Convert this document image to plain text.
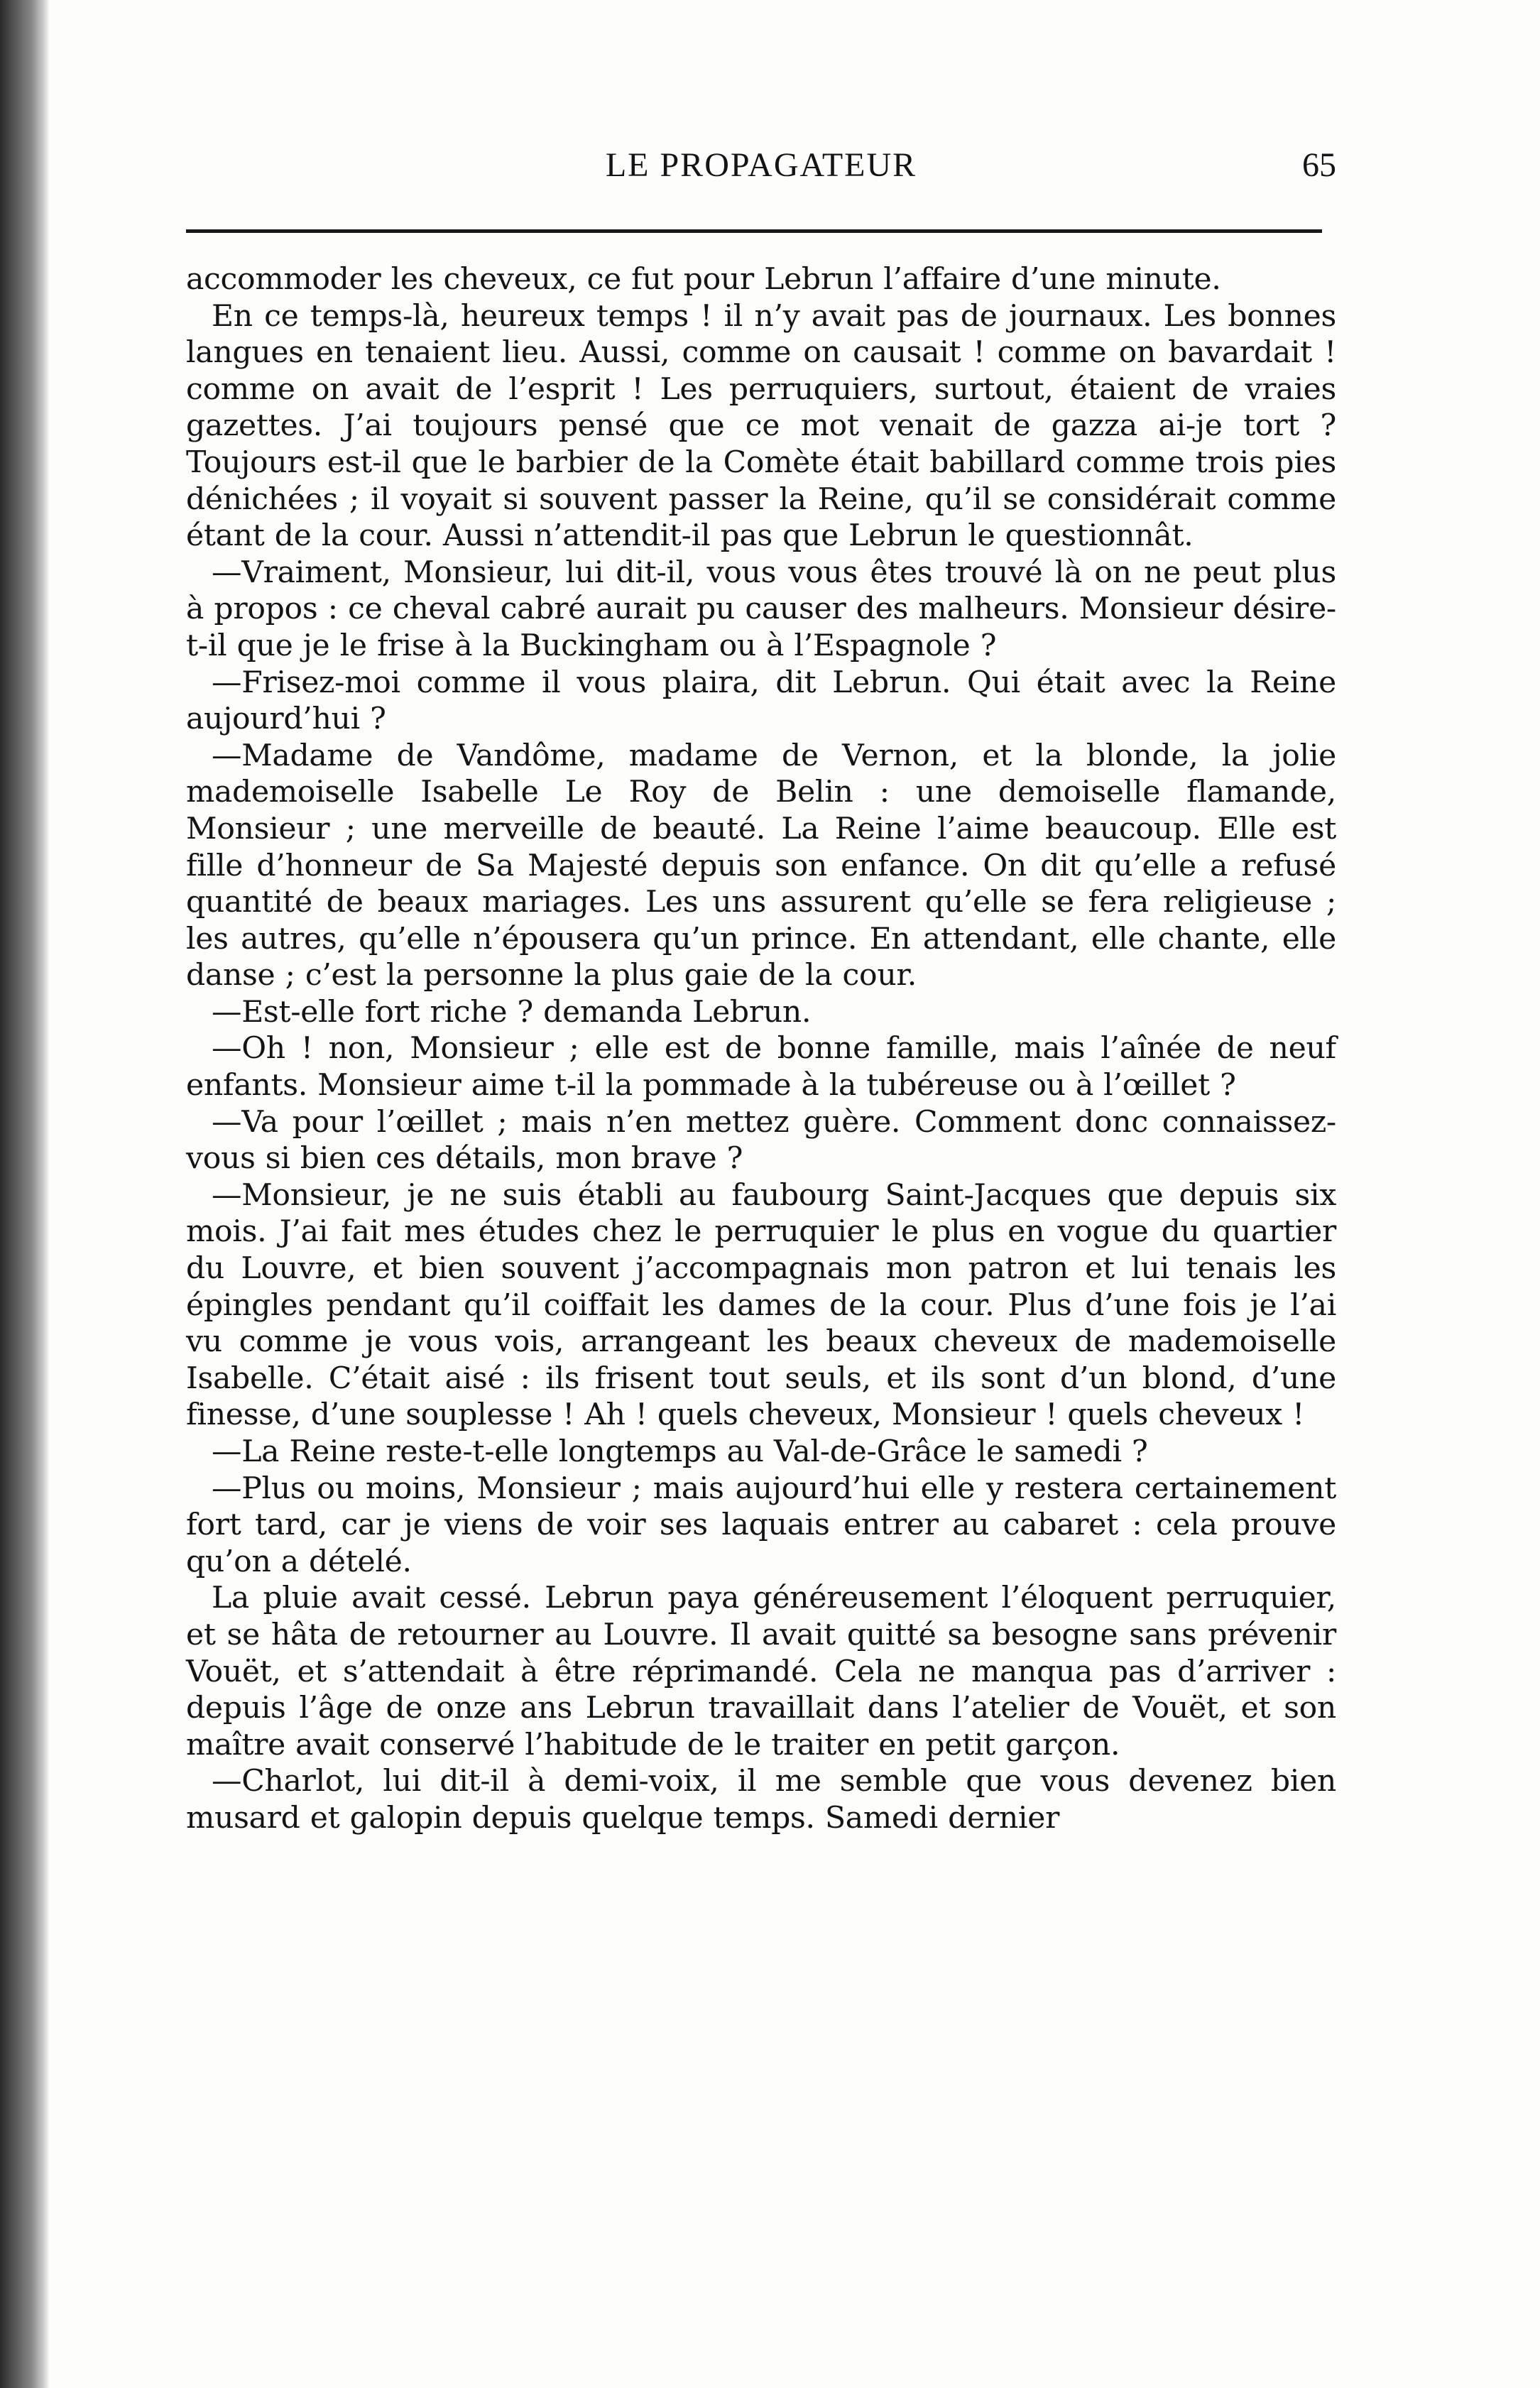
LE PROPAGATEUR	65

accommoder les cheveux, ce fut pour Lebrun l’affaire d’une minute.

En ce temps-là, heureux temps ! il n’y avait pas de journaux. Les bonnes langues en tenaient lieu. Aussi, comme on causait ! comme on bavardait ! comme on avait de l’esprit ! Les perruquiers, surtout, étaient de vraies gazettes. J’ai toujours pensé que ce mot venait de gazza ai-je tort ? Toujours est-il que le barbier de la Comète était babillard comme trois pies dénichées ; il voyait si souvent passer la Reine, qu’il se considérait comme étant de la cour. Aussi n’attendit-il pas que Lebrun le questionnât.

—Vraiment, Monsieur, lui dit-il, vous vous êtes trouvé là on ne peut plus à propos : ce cheval cabré aurait pu causer des malheurs. Monsieur désire-t-il que je le frise à la Buckingham ou à l’Espagnole ?

—Frisez-moi comme il vous plaira, dit Lebrun. Qui était avec la Reine aujourd’hui ?

—Madame de Vandôme, madame de Vernon, et la blonde, la jolie mademoiselle Isabelle Le Roy de Belin : une demoiselle flamande, Monsieur ; une merveille de beauté. La Reine l’aime beaucoup. Elle est fille d’honneur de Sa Majesté depuis son enfance. On dit qu’elle a refusé quantité de beaux mariages. Les uns assurent qu’elle se fera religieuse ; les autres, qu’elle n’épousera qu’un prince. En attendant, elle chante, elle danse ; c’est la personne la plus gaie de la cour.

—Est-elle fort riche ? demanda Lebrun.

—Oh ! non, Monsieur ; elle est de bonne famille, mais l’aînée de neuf enfants. Monsieur aime t-il la pommade à la tubéreuse ou à l’œillet ?

—Va pour l’œillet ; mais n’en mettez guère. Comment donc connaissez-vous si bien ces détails, mon brave ?

—Monsieur, je ne suis établi au faubourg Saint-Jacques que depuis six mois. J’ai fait mes études chez le perruquier le plus en vogue du quartier du Louvre, et bien souvent j’accompagnais mon patron et lui tenais les épingles pendant qu’il coiffait les dames de la cour. Plus d’une fois je l’ai vu comme je vous vois, arrangeant les beaux cheveux de mademoiselle Isabelle. C’était aisé : ils frisent tout seuls, et ils sont d’un blond, d’une finesse, d’une souplesse ! Ah ! quels cheveux, Monsieur ! quels cheveux !

—La Reine reste-t-elle longtemps au Val-de-Grâce le samedi ?

—Plus ou moins, Monsieur ; mais aujourd’hui elle y restera certainement fort tard, car je viens de voir ses laquais entrer au cabaret : cela prouve qu’on a dételé.

La pluie avait cessé. Lebrun paya généreusement l’éloquent perruquier, et se hâta de retourner au Louvre. Il avait quitté sa besogne sans prévenir Vouët, et s’attendait à être réprimandé. Cela ne manqua pas d’arriver : depuis l’âge de onze ans Lebrun travaillait dans l’atelier de Vouët, et son maître avait conservé l’habitude de le traiter en petit garçon.

—Charlot, lui dit-il à demi-voix, il me semble que vous devenez bien musard et galopin depuis quelque temps. Samedi dernier
